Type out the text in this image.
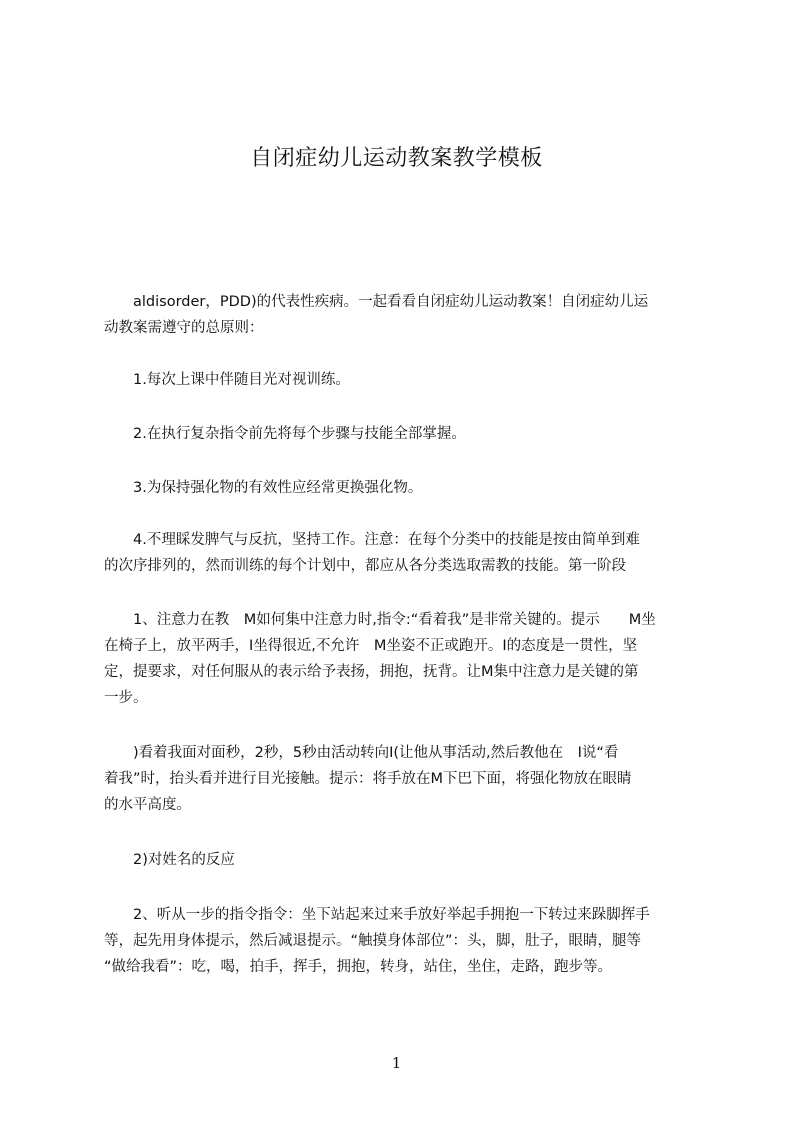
自闭症幼儿运动教案教学模板
　　aldisorder，PDD)的代表性疾病。一起看看自闭症幼儿运动教案！自闭症幼儿运
动教案需遵守的总原则：
　　1.每次上课中伴随目光对视训练。
　　2.在执行复杂指令前先将每个步骤与技能全部掌握。
　　3.为保持强化物的有效性应经常更换强化物。
　　4.不理睬发脾气与反抗，坚持工作。注意：在每个分类中的技能是按由简单到难
的次序排列的，然而训练的每个计划中，都应从各分类选取需教的技能。第一阶段
　　1、注意力在教　M如何集中注意力时,指令:“看着我”是非常关键的。提示　　M坐
在椅子上，放平两手，I坐得很近,不允许　M坐姿不正或跑开。I的态度是一贯性，坚
定，提要求，对任何服从的表示给予表扬，拥抱，抚背。让M集中注意力是关键的第
一步。
　　)看着我面对面秒，2秒，5秒由活动转向I(让他从事活动,然后教他在　I说“看
着我”时，抬头看并进行目光接触。提示：将手放在M下巴下面，将强化物放在眼睛
的水平高度。
　　2)对姓名的反应
　　2、听从一步的指令指令：坐下站起来过来手放好举起手拥抱一下转过来跺脚挥手
等，起先用身体提示，然后减退提示。“触摸身体部位”：头，脚，肚子，眼睛，腿等
“做给我看”：吃，喝，拍手，挥手，拥抱，转身，站住，坐住，走路，跑步等。
1
